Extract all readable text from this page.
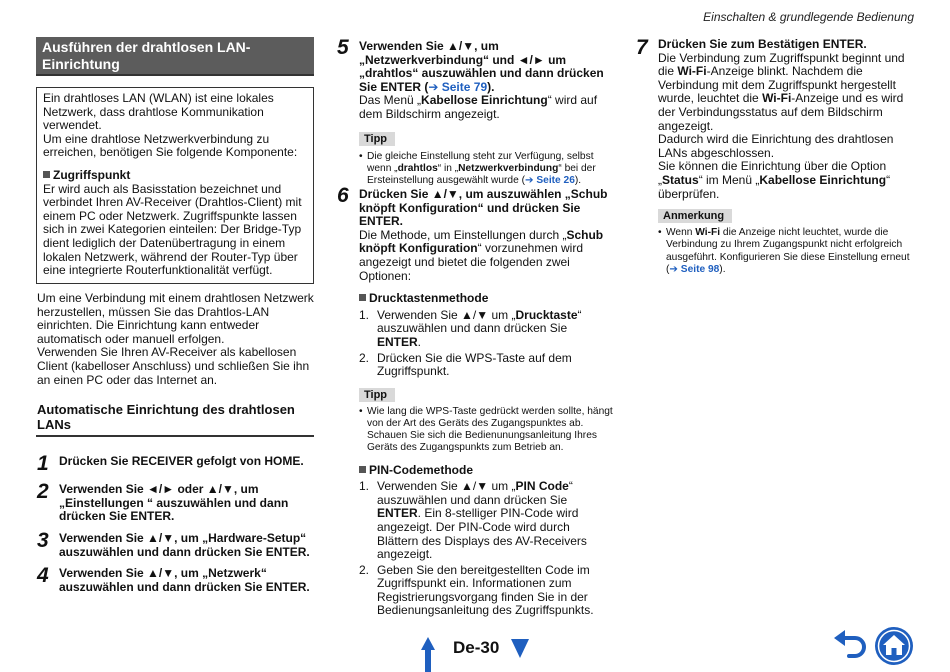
Einschalten & grundlegende Bedienung
Ausführen der drahtlosen LAN-Einrichtung

Ein drahtloses LAN (WLAN) ist eine lokales Netzwerk, dass drahtlose Kommunikation verwendet.

Um eine drahtlose Netzwerkverbindung zu erreichen, benötigen Sie folgende Komponente:

Zugriffspunkt

Er wird auch als Basisstation bezeichnet und verbindet Ihren AV-Receiver (Drahtlos-Client) mit einem PC oder Netzwerk. Zugriffspunkte lassen sich in zwei Kategorien einteilen: Der Bridge-Typ dient lediglich der Datenübertragung in einem lokalen Netzwerk, während der Router-Typ über eine integrierte Routerfunktionalität verfügt.

Um eine Verbindung mit einem drahtlosen Netzwerk herzustellen, müssen Sie das Drahtlos-LAN einrichten. Die Einrichtung kann entweder automatisch oder manuell erfolgen.

Verwenden Sie Ihren AV-Receiver als kabellosen Client (kabelloser Anschluss) und schließen Sie ihn an einen PC oder das Internet an.

Automatische Einrichtung des drahtlosen LANs
1 Drücken Sie RECEIVER gefolgt von HOME.
2 Verwenden Sie ◄/► oder ▲/▼, um „Einstellungen “ auszuwählen und dann drücken Sie ENTER.
3 Verwenden Sie ▲/▼, um „Hardware-Setup“ auszuwählen und dann drücken Sie ENTER.
4 Verwenden Sie ▲/▼, um „Netzwerk“ auszuwählen und dann drücken Sie ENTER.
5 Verwenden Sie ▲/▼, um „Netzwerkverbindung“ und ◄/► um „drahtlos“ auszuwählen und dann drücken Sie ENTER (➔ Seite 79).

Das Menü „Kabellose Einrichtung“ wird auf dem Bildschirm angezeigt.

Tipp

• Die gleiche Einstellung steht zur Verfügung, selbst wenn „drahtlos“ in „Netzwerkverbindung“ bei der Ersteinstellung ausgewählt wurde (➔ Seite 26).

6 Drücken Sie ▲/▼, um auszuwählen „Schub knöpft Konfiguration“ und drücken Sie ENTER.

Die Methode, um Einstellungen durch „Schub knöpft Konfiguration“ vorzunehmen wird angezeigt und bietet die folgenden zwei Optionen:

Drucktastenmethode

1. Verwenden Sie ▲/▼ um „Drucktaste“ auszuwählen und dann drücken Sie ENTER.

2. Drücken Sie die WPS-Taste auf dem Zugriffspunkt.

Tipp

• Wie lang die WPS-Taste gedrückt werden sollte, hängt von der Art des Geräts des Zugangspunktes ab. Schauen Sie sich die Bedienunungsanleitung Ihres Geräts des Zugangspunkts zum Betrieb an.

PIN-Codemethode

1. Verwenden Sie ▲/▼ um „PIN Code“ auszuwählen und dann drücken Sie ENTER. Ein 8-stelliger PIN-Code wird angezeigt. Der PIN-Code wird durch Blättern des Displays des AV-Receivers angezeigt.

2. Geben Sie den bereitgestellten Code im Zugriffspunkt ein. Informationen zum Registrierungsvorgang finden Sie in der Bedienungsanleitung des Zugriffspunkts.

7 Drücken Sie zum Bestätigen ENTER.

Die Verbindung zum Zugriffspunkt beginnt und die Wi-Fi-Anzeige blinkt. Nachdem die Verbindung mit dem Zugriffspunkt hergestellt wurde, leuchtet die Wi-Fi-Anzeige und es wird der Verbindungsstatus auf dem Bildschirm angezeigt.

Dadurch wird die Einrichtung des drahtlosen LANs abgeschlossen.

Sie können die Einrichtung über die Option „Status“ im Menü „Kabellose Einrichtung“ überprüfen.

Anmerkung

• Wenn Wi-Fi die Anzeige nicht leuchtet, wurde die Verbindung zu Ihrem Zugangspunkt nicht erfolgreich ausgeführt. Konfigurieren Sie diese Einstellung erneut (➔ Seite 98).

De-30
